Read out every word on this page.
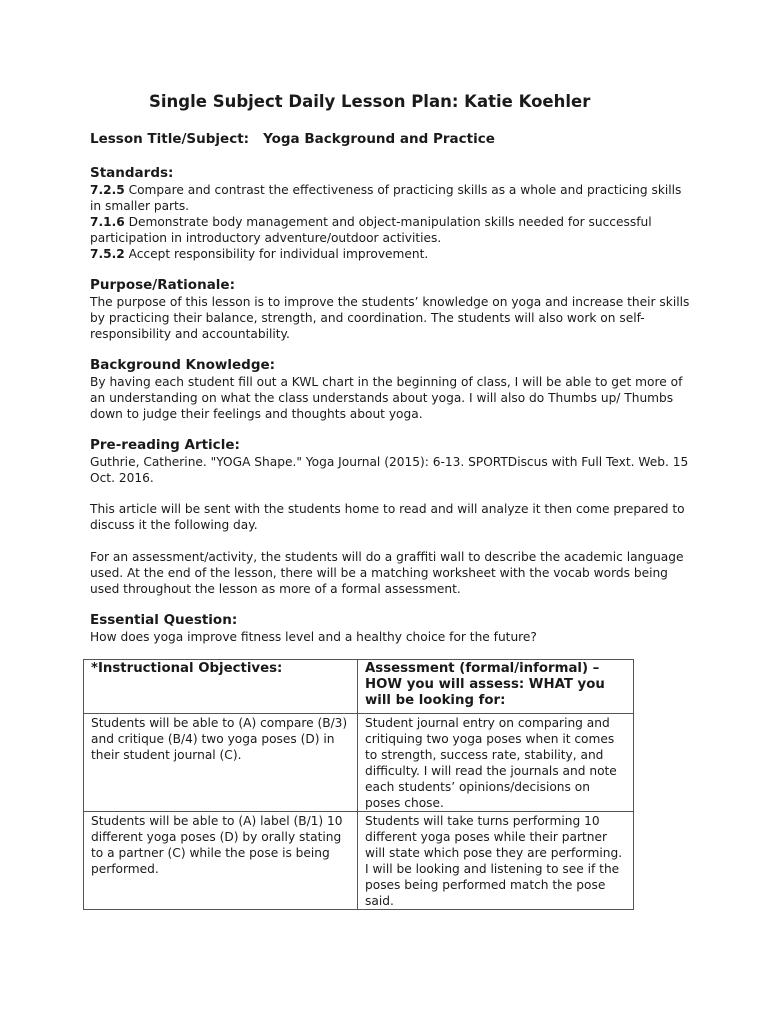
Single Subject Daily Lesson Plan: Katie Koehler
Lesson Title/Subject: Yoga Background and Practice

Standards:

7.2.5 Compare and contrast the effectiveness of practicing skills as a whole and practicing skills in smaller parts.

7.1.6 Demonstrate body management and object-manipulation skills needed for successful participation in introductory adventure/outdoor activities.

7.5.2 Accept responsibility for individual improvement.

Purpose/Rationale:

The purpose of this lesson is to improve the students’ knowledge on yoga and increase their skills by practicing their balance, strength, and coordination. The students will also work on self-responsibility and accountability.

Background Knowledge:

By having each student fill out a KWL chart in the beginning of class, I will be able to get more of an understanding on what the class understands about yoga. I will also do Thumbs up/ Thumbs down to judge their feelings and thoughts about yoga.

Pre-reading Article:

Guthrie, Catherine. "YOGA Shape." Yoga Journal (2015): 6-13. SPORTDiscus with Full Text. Web. 15 Oct. 2016.

This article will be sent with the students home to read and will analyze it then come prepared to discuss it the following day.

For an assessment/activity, the students will do a graffiti wall to describe the academic language used. At the end of the lesson, there will be a matching worksheet with the vocab words being used throughout the lesson as more of a formal assessment.

Essential Question:

How does yoga improve fitness level and a healthy choice for the future?

*Instructional Objectives:	Assessment (formal/informal) – HOW you will assess: WHAT you will be looking for:
Students will be able to (A) compare (B/3) and critique (B/4) two yoga poses (D) in their student journal (C).	Student journal entry on comparing and critiquing two yoga poses when it comes to strength, success rate, stability, and difficulty. I will read the journals and note each students’ opinions/decisions on poses chose.
Students will be able to (A) label (B/1) 10 different yoga poses (D) by orally stating to a partner (C) while the pose is being performed.	Students will take turns performing 10 different yoga poses while their partner will state which pose they are performing. I will be looking and listening to see if the poses being performed match the pose said.
